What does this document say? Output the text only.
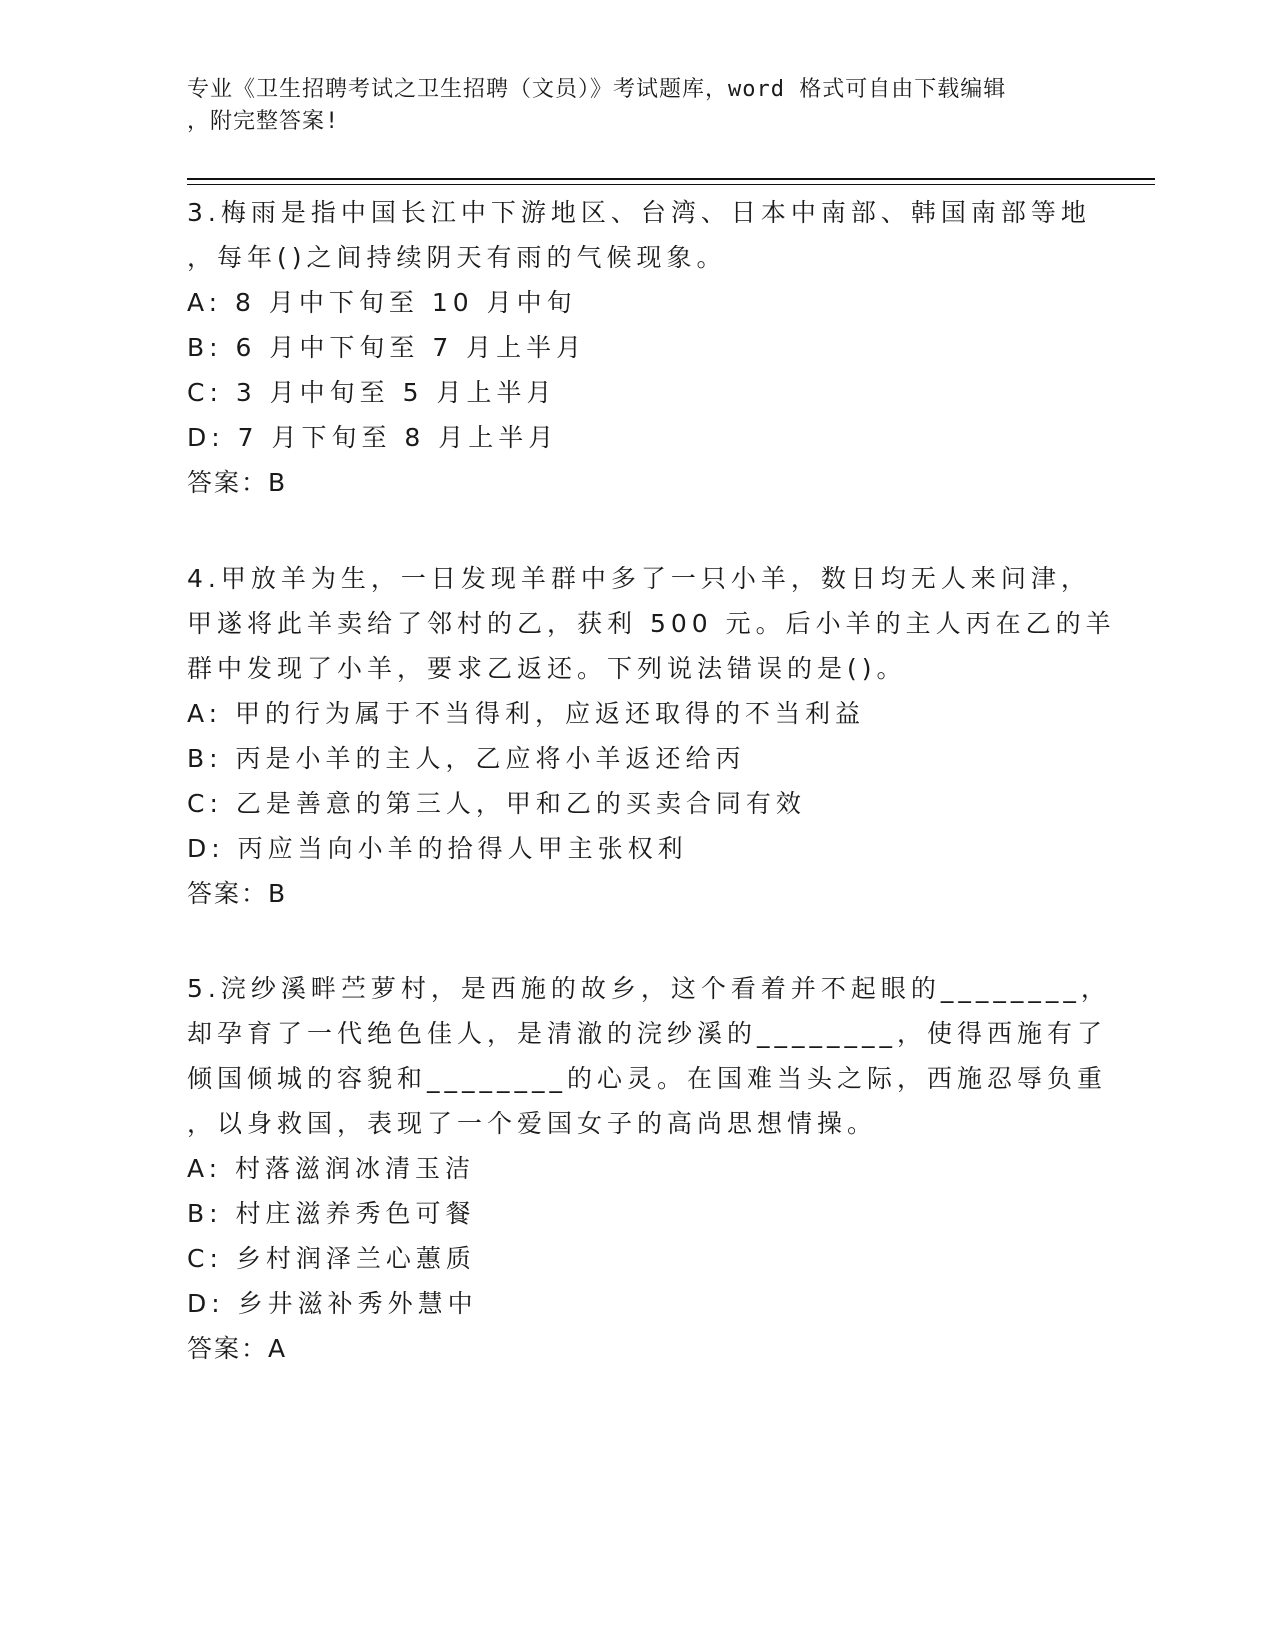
专业《卫生招聘考试之卫生招聘（文员）》考试题库，word 格式可自由下载编辑
，附完整答案!
3.梅雨是指中国长江中下游地区、台湾、日本中南部、韩国南部等地
，每年()之间持续阴天有雨的气候现象。
A: 8 月中下旬至 10 月中旬
B: 6 月中下旬至 7 月上半月
C: 3 月中旬至 5 月上半月
D: 7 月下旬至 8 月上半月
答案：B
4.甲放羊为生，一日发现羊群中多了一只小羊，数日均无人来问津，
甲遂将此羊卖给了邻村的乙，获利 500 元。后小羊的主人丙在乙的羊
群中发现了小羊，要求乙返还。下列说法错误的是()。
A: 甲的行为属于不当得利，应返还取得的不当利益
B: 丙是小羊的主人，乙应将小羊返还给丙
C: 乙是善意的第三人，甲和乙的买卖合同有效
D: 丙应当向小羊的拾得人甲主张权利
答案：B
5.浣纱溪畔苎萝村，是西施的故乡，这个看着并不起眼的________，
却孕育了一代绝色佳人，是清澈的浣纱溪的________，使得西施有了
倾国倾城的容貌和________的心灵。在国难当头之际，西施忍辱负重
，以身救国，表现了一个爱国女子的高尚思想情操。
A: 村落滋润冰清玉洁
B: 村庄滋养秀色可餐
C: 乡村润泽兰心蕙质
D: 乡井滋补秀外慧中
答案：A
